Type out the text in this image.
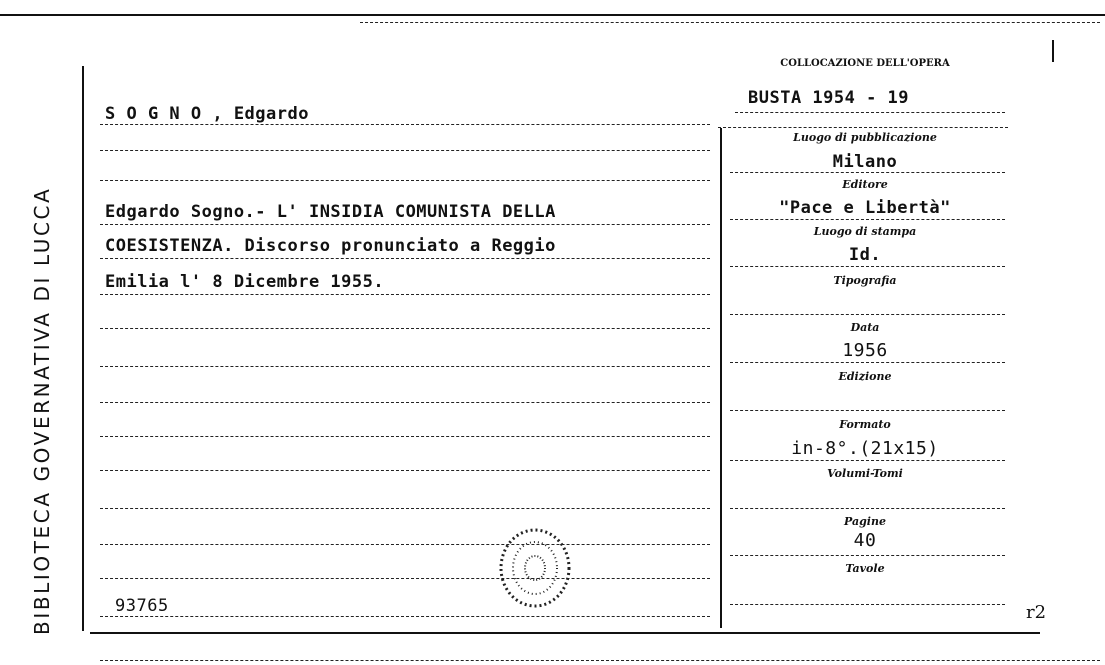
BIBLIOTECA GOVERNATIVA DI LUCCA
COLLOCAZIONE DELL'OPERA
BUSTA 1954 - 19
S O G N O , Edgardo
Edgardo Sogno.- L' INSIDIA COMUNISTA DELLA
COESISTENZA. Discorso pronunciato a Reggio
Emilia l' 8 Dicembre 1955.
93765
Luogo di pubblicazione
Milano
Editore
"Pace e Libertà"
Luogo di stampa
Id.
Tipografia
Data
1956
Edizione
Formato
in-8°.(21x15)
Volumi-Tomi
Pagine
40
Tavole
r2
